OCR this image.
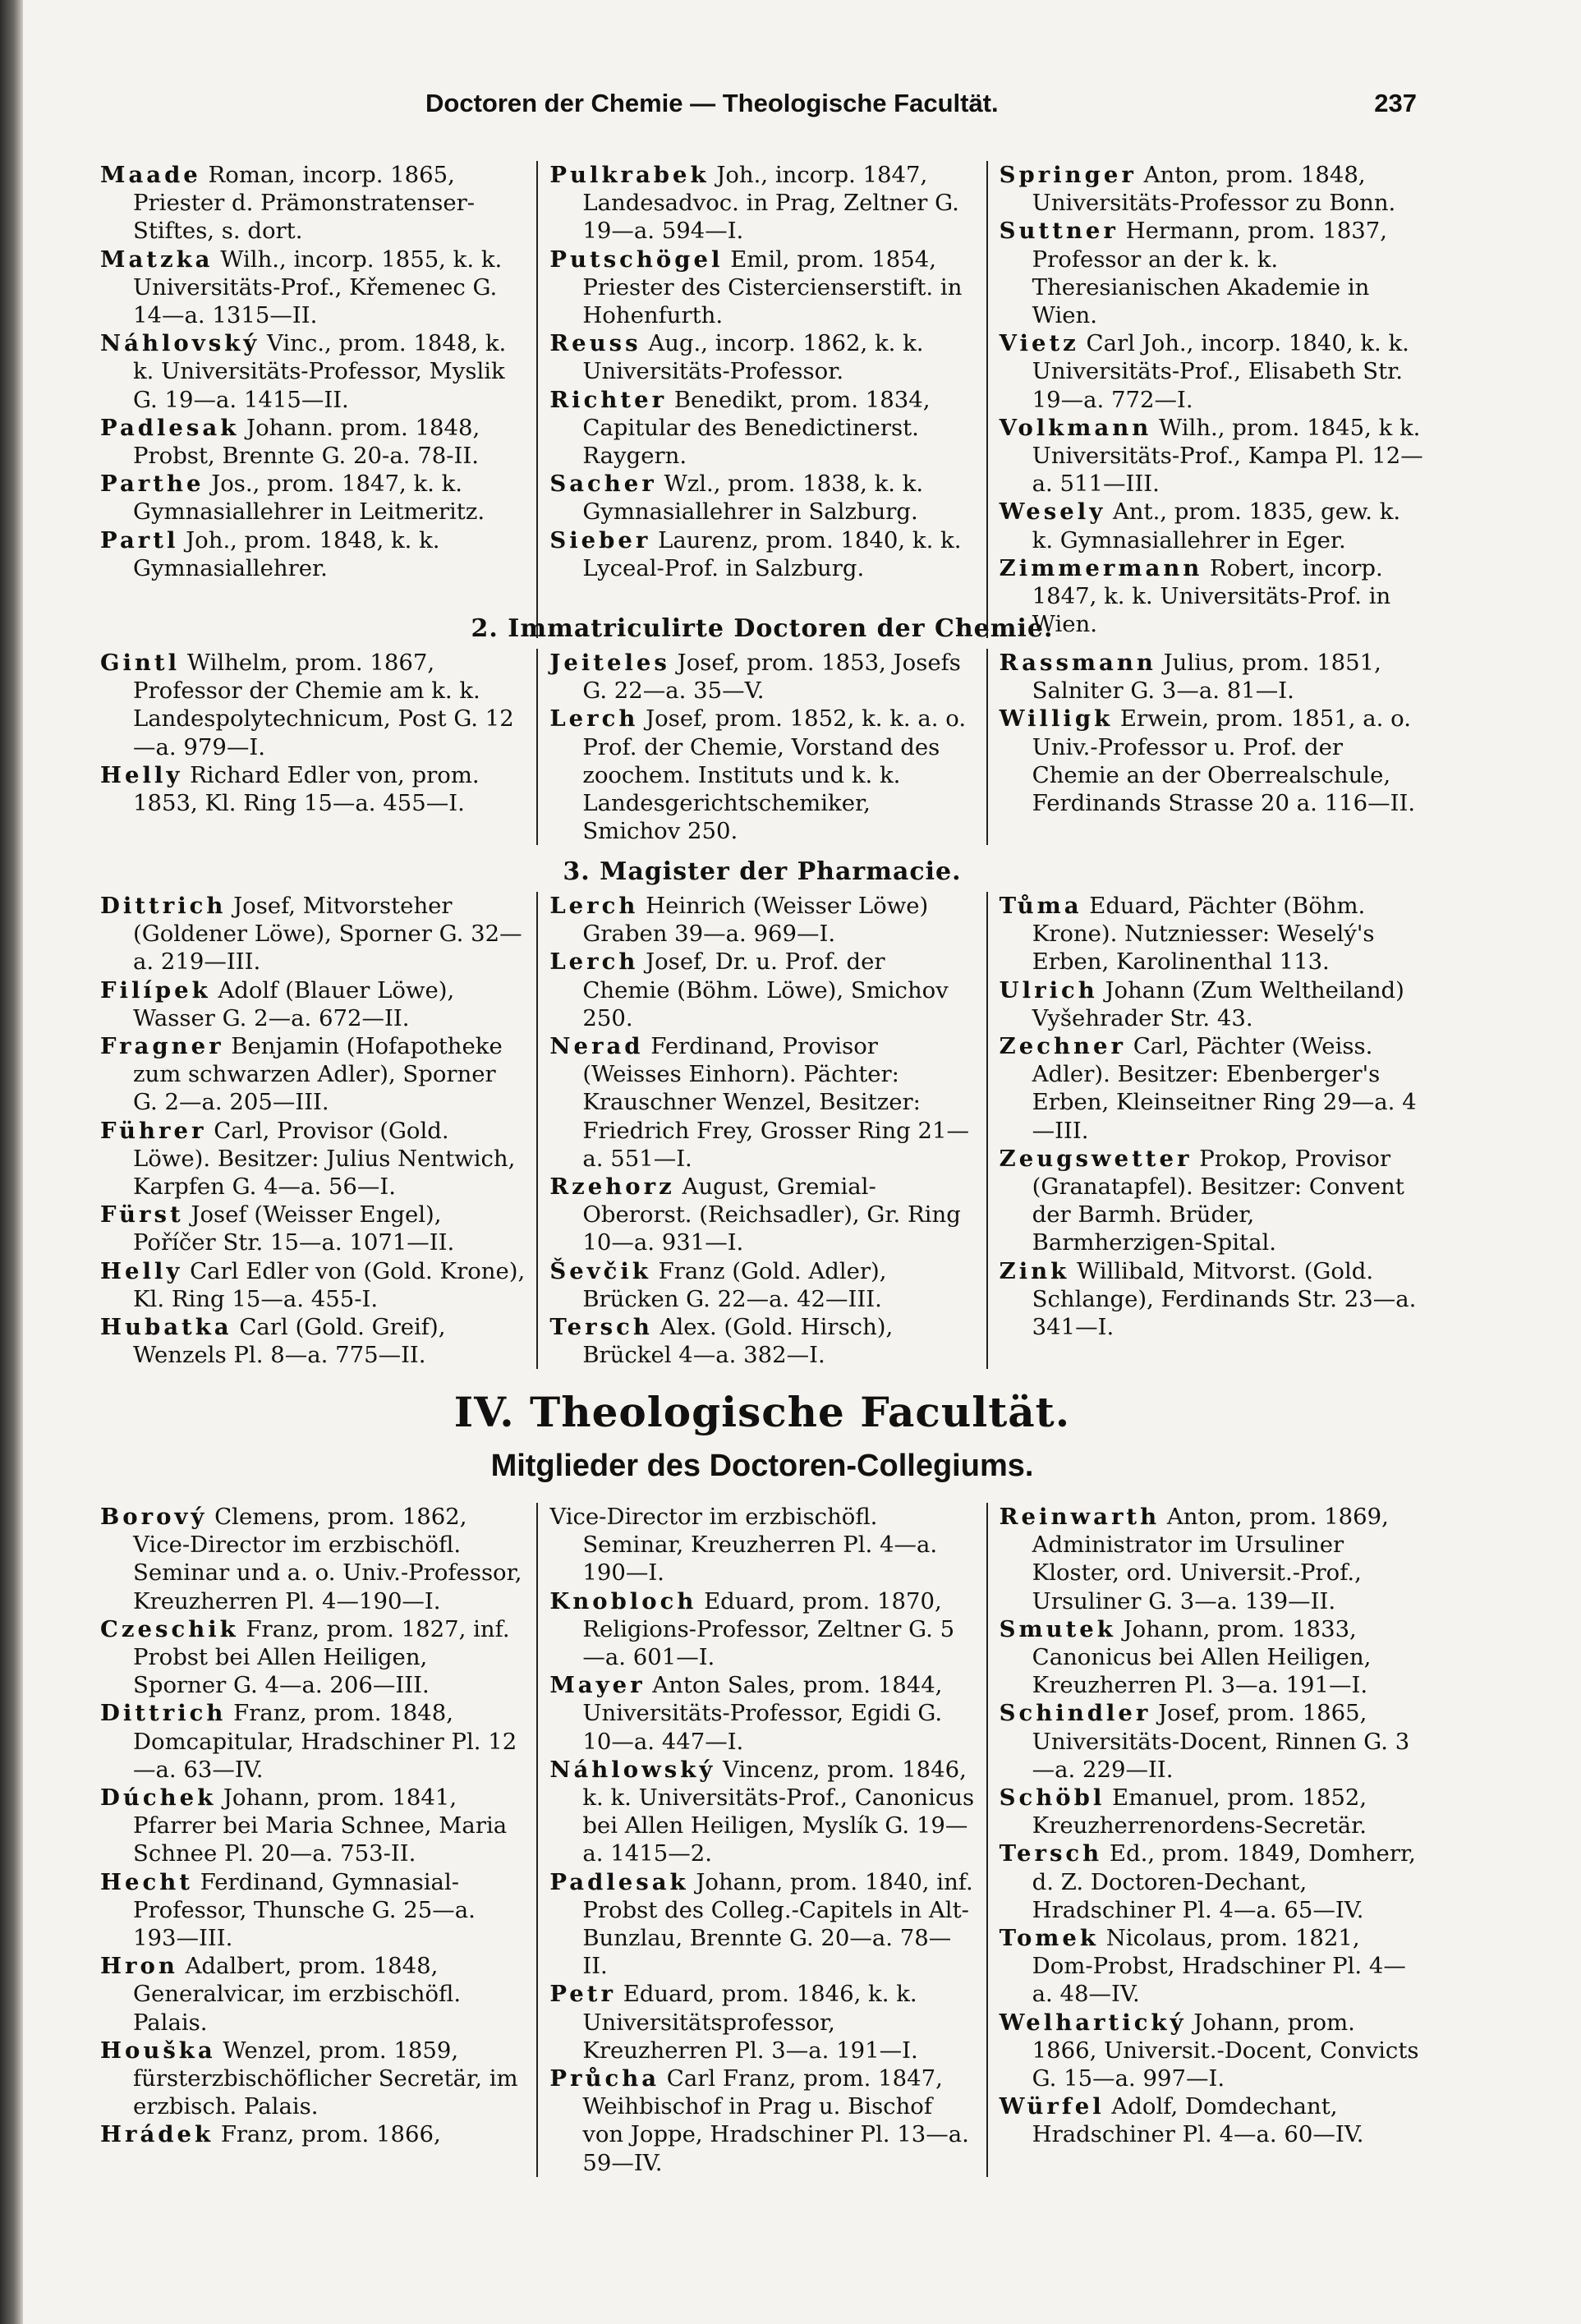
Doctoren der Chemie — Theologische Facultät.	237

Maade Roman, incorp. 1865, Priester d. Prämonstratenser-Stiftes, s. dort.

Matzka Wilh., incorp. 1855, k. k. Universitäts-Prof., Křemenec G. 14—a. 1315—II.

Náhlovský Vinc., prom. 1848, k. k. Universitäts-Professor, Myslik G. 19—a. 1415—II.

Padlesak Johann. prom. 1848, Probst, Brennte G. 20-a. 78-II.

Parthe Jos., prom. 1847, k. k. Gymnasiallehrer in Leitmeritz.

Partl Joh., prom. 1848, k. k. Gymnasiallehrer.

Pulkrabek Joh., incorp. 1847, Landesadvoc. in Prag, Zeltner G. 19—a. 594—I.

Putschögel Emil, prom. 1854, Priester des Cistercienserstift. in Hohenfurth.

Reuss Aug., incorp. 1862, k. k. Universitäts-Professor.

Richter Benedikt, prom. 1834, Capitular des Benedictinerst. Raygern.

Sacher Wzl., prom. 1838, k. k. Gymnasiallehrer in Salzburg.

Sieber Laurenz, prom. 1840, k. k. Lyceal-Prof. in Salzburg.

Springer Anton, prom. 1848, Universitäts-Professor zu Bonn.

Suttner Hermann, prom. 1837, Professor an der k. k. Theresianischen Akademie in Wien.

Vietz Carl Joh., incorp. 1840, k. k. Universitäts-Prof., Elisabeth Str. 19—a. 772—I.

Volkmann Wilh., prom. 1845, k k. Universitäts-Prof., Kampa Pl. 12—a. 511—III.

Wesely Ant., prom. 1835, gew. k. k. Gymnasiallehrer in Eger.

Zimmermann Robert, incorp. 1847, k. k. Universitäts-Prof. in Wien.

2. Immatriculirte Doctoren der Chemie.

Gintl Wilhelm, prom. 1867, Professor der Chemie am k. k. Landespolytechnicum, Post G. 12—a. 979—I.

Helly Richard Edler von, prom. 1853, Kl. Ring 15—a. 455—I.

Jeiteles Josef, prom. 1853, Josefs G. 22—a. 35—V.

Lerch Josef, prom. 1852, k. k. a. o. Prof. der Chemie, Vorstand des zoochem. Instituts und k. k. Landesgerichtschemiker, Smichov 250.

Rassmann Julius, prom. 1851, Salniter G. 3—a. 81—I.

Willigk Erwein, prom. 1851, a. o. Univ.-Professor u. Prof. der Chemie an der Oberrealschule, Ferdinands Strasse 20 a. 116—II.

3. Magister der Pharmacie.

Dittrich Josef, Mitvorsteher (Goldener Löwe), Sporner G. 32—a. 219—III.

Filípek Adolf (Blauer Löwe), Wasser G. 2—a. 672—II.

Fragner Benjamin (Hofapotheke zum schwarzen Adler), Sporner G. 2—a. 205—III.

Führer Carl, Provisor (Gold. Löwe). Besitzer: Julius Nentwich, Karpfen G. 4—a. 56—I.

Fürst Josef (Weisser Engel), Poříčer Str. 15—a. 1071—II.

Helly Carl Edler von (Gold. Krone), Kl. Ring 15—a. 455-I.

Hubatka Carl (Gold. Greif), Wenzels Pl. 8—a. 775—II.

Lerch Heinrich (Weisser Löwe) Graben 39—a. 969—I.

Lerch Josef, Dr. u. Prof. der Chemie (Böhm. Löwe), Smichov 250.

Nerad Ferdinand, Provisor (Weisses Einhorn). Pächter: Krauschner Wenzel, Besitzer: Friedrich Frey, Grosser Ring 21—a. 551—I.

Rzehorz August, Gremial-Oberorst. (Reichsadler), Gr. Ring 10—a. 931—I.

Ševčik Franz (Gold. Adler), Brücken G. 22—a. 42—III.

Tersch Alex. (Gold. Hirsch), Brückel 4—a. 382—I.

Tůma Eduard, Pächter (Böhm. Krone). Nutzniesser: Weselý's Erben, Karolinenthal 113.

Ulrich Johann (Zum Weltheiland) Vyšehrader Str. 43.

Zechner Carl, Pächter (Weiss. Adler). Besitzer: Ebenberger's Erben, Kleinseitner Ring 29—a. 4—III.

Zeugswetter Prokop, Provisor (Granatapfel). Besitzer: Convent der Barmh. Brüder, Barmherzigen-Spital.

Zink Willibald, Mitvorst. (Gold. Schlange), Ferdinands Str. 23—a. 341—I.

IV. Theologische Facultät.
Mitglieder des Doctoren-Collegiums.

Borový Clemens, prom. 1862, Vice-Director im erzbischöfl. Seminar und a. o. Univ.-Professor, Kreuzherren Pl. 4—190—I.

Czeschik Franz, prom. 1827, inf. Probst bei Allen Heiligen, Sporner G. 4—a. 206—III.

Dittrich Franz, prom. 1848, Domcapitular, Hradschiner Pl. 12—a. 63—IV.

Dúchek Johann, prom. 1841, Pfarrer bei Maria Schnee, Maria Schnee Pl. 20—a. 753-II.

Hecht Ferdinand, Gymnasial-Professor, Thunsche G. 25—a. 193—III.

Hron Adalbert, prom. 1848, Generalvicar, im erzbischöfl. Palais.

Houška Wenzel, prom. 1859, fürsterzbischöflicher Secretär, im erzbisch. Palais.

Hrádek Franz, prom. 1866,

Vice-Director im erzbischöfl. Seminar, Kreuzherren Pl. 4—a. 190—I.

Knobloch Eduard, prom. 1870, Religions-Professor, Zeltner G. 5—a. 601—I.

Mayer Anton Sales, prom. 1844, Universitäts-Professor, Egidi G. 10—a. 447—I.

Náhlowský Vincenz, prom. 1846, k. k. Universitäts-Prof., Canonicus bei Allen Heiligen, Myslík G. 19—a. 1415—2.

Padlesak Johann, prom. 1840, inf. Probst des Colleg.-Capitels in Alt-Bunzlau, Brennte G. 20—a. 78—II.

Petr Eduard, prom. 1846, k. k. Universitätsprofessor, Kreuzherren Pl. 3—a. 191—I.

Průcha Carl Franz, prom. 1847, Weihbischof in Prag u. Bischof von Joppe, Hradschiner Pl. 13—a. 59—IV.

Reinwarth Anton, prom. 1869, Administrator im Ursuliner Kloster, ord. Universit.-Prof., Ursuliner G. 3—a. 139—II.

Smutek Johann, prom. 1833, Canonicus bei Allen Heiligen, Kreuzherren Pl. 3—a. 191—I.

Schindler Josef, prom. 1865, Universitäts-Docent, Rinnen G. 3—a. 229—II.

Schöbl Emanuel, prom. 1852, Kreuzherrenordens-Secretär.

Tersch Ed., prom. 1849, Domherr, d. Z. Doctoren-Dechant, Hradschiner Pl. 4—a. 65—IV.

Tomek Nicolaus, prom. 1821, Dom-Probst, Hradschiner Pl. 4—a. 48—IV.

Welhartický Johann, prom. 1866, Universit.-Docent, Convicts G. 15—a. 997—I.

Würfel Adolf, Domdechant, Hradschiner Pl. 4—a. 60—IV.
